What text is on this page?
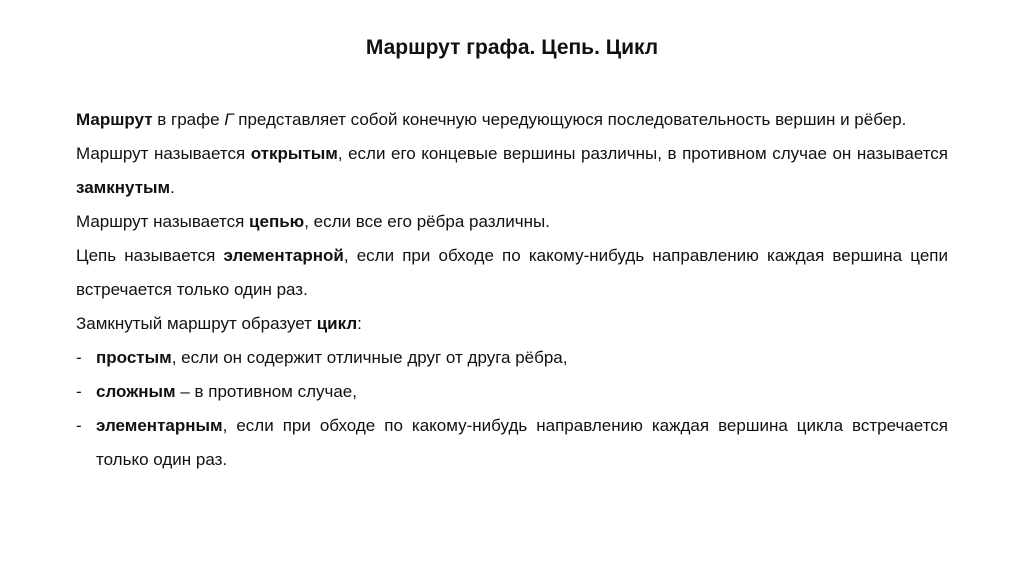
Маршрут графа. Цепь. Цикл

Маршрут в графе Г представляет собой конечную чередующуюся последовательность вершин и рёбер.

Маршрут называется открытым, если его концевые вершины различны, в противном случае он называется замкнутым.

Маршрут называется цепью, если все его рёбра различны.

Цепь называется элементарной, если при обходе по какому-нибудь направлению каждая вершина цепи встречается только один раз.

Замкнутый маршрут образует цикл:

- простым, если он содержит отличные друг от друга рёбра,
- сложным – в противном случае,
- элементарным, если при обходе по какому-нибудь направлению каждая вершина цикла встречается только один раз.
